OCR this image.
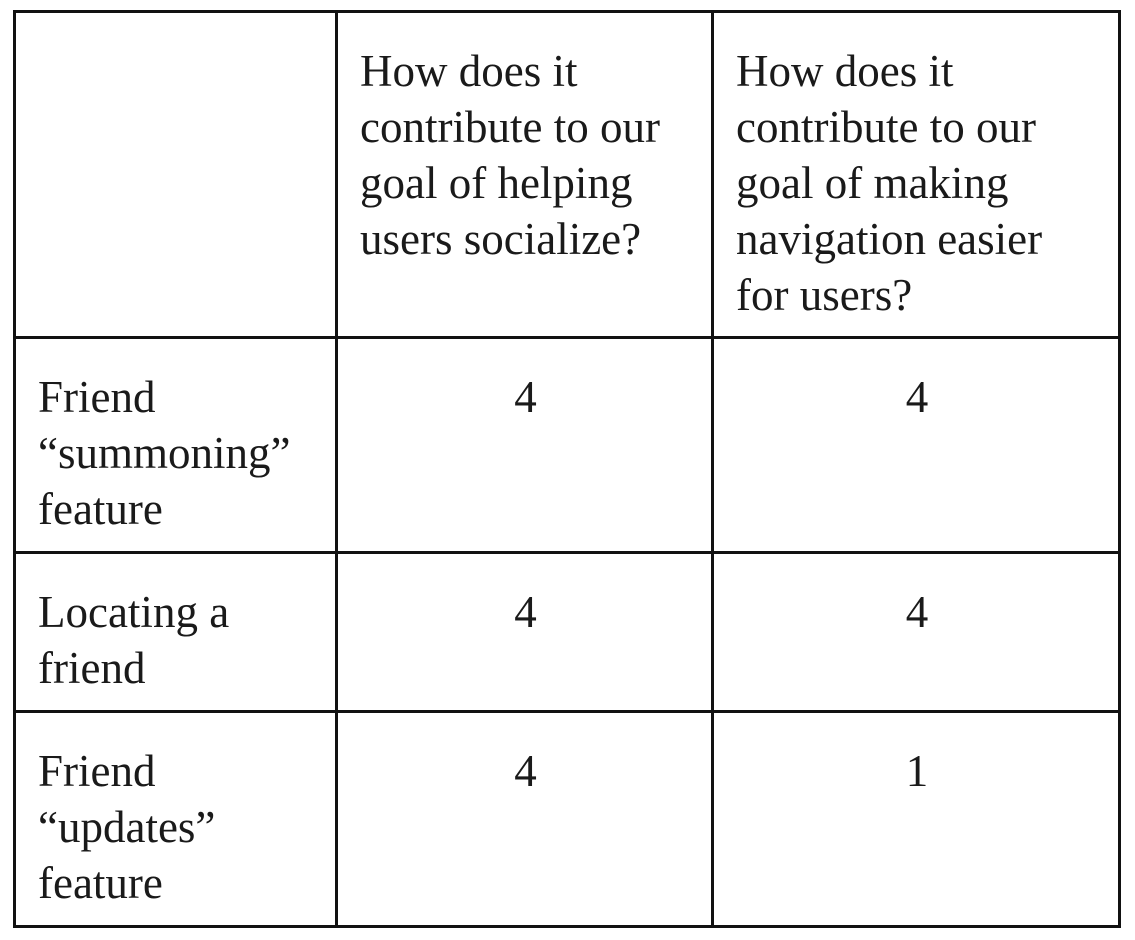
	How does it
contribute to our
goal of helping
users socialize?	How does it
contribute to our
goal of making
navigation easier
for users?
Friend
“summoning”
feature	4	4
Locating a
friend	4	4
Friend
“updates”
feature	4	1
